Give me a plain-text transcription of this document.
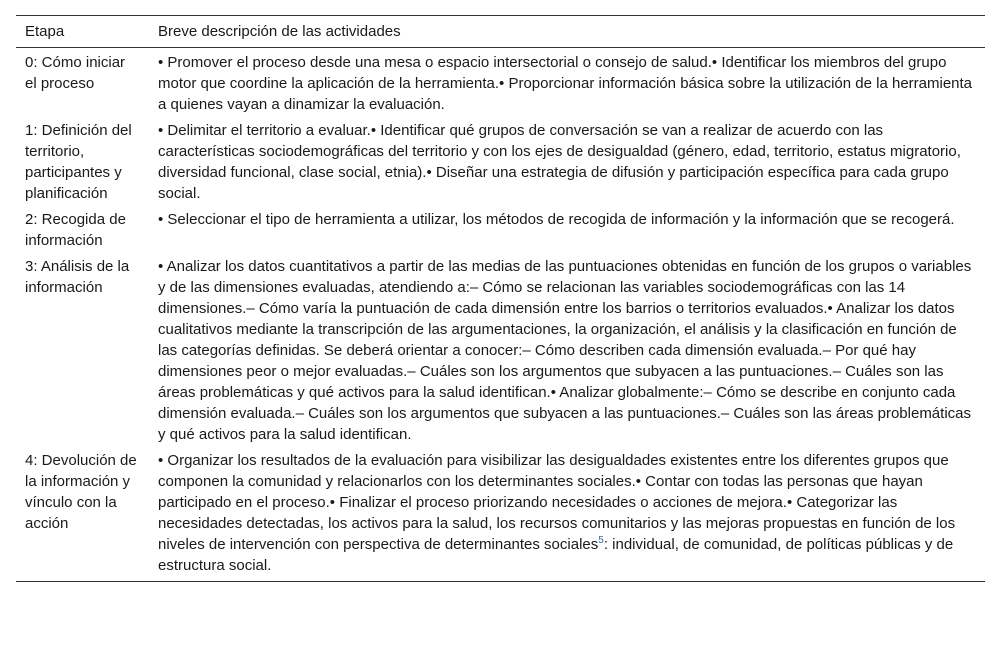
Etapa	Breve descripción de las actividades
0: Cómo iniciar el proceso	• Promover el proceso desde una mesa o espacio intersectorial o consejo de salud.• Identificar los miembros del grupo motor que coordine la aplicación de la herramienta.• Proporcionar información básica sobre la utilización de la herramienta a quienes vayan a dinamizar la evaluación.
1: Definición del territorio, participantes y planificación	• Delimitar el territorio a evaluar.• Identificar qué grupos de conversación se van a realizar de acuerdo con las características sociodemográficas del territorio y con los ejes de desigualdad (género, edad, territorio, estatus migratorio, diversidad funcional, clase social, etnia).• Diseñar una estrategia de difusión y participación específica para cada grupo social.
2: Recogida de información	• Seleccionar el tipo de herramienta a utilizar, los métodos de recogida de información y la información que se recogerá.
3: Análisis de la información	• Analizar los datos cuantitativos a partir de las medias de las puntuaciones obtenidas en función de los grupos o variables y de las dimensiones evaluadas, atendiendo a:– Cómo se relacionan las variables sociodemográficas con las 14 dimensiones.– Cómo varía la puntuación de cada dimensión entre los barrios o territorios evaluados.• Analizar los datos cualitativos mediante la transcripción de las argumentaciones, la organización, el análisis y la clasificación en función de las categorías definidas. Se deberá orientar a conocer:– Cómo describen cada dimensión evaluada.– Por qué hay dimensiones peor o mejor evaluadas.– Cuáles son los argumentos que subyacen a las puntuaciones.– Cuáles son las áreas problemáticas y qué activos para la salud identifican.• Analizar globalmente:– Cómo se describe en conjunto cada dimensión evaluada.– Cuáles son los argumentos que subyacen a las puntuaciones.– Cuáles son las áreas problemáticas y qué activos para la salud identifican.
4: Devolución de la información y vínculo con la acción	• Organizar los resultados de la evaluación para visibilizar las desigualdades existentes entre los diferentes grupos que componen la comunidad y relacionarlos con los determinantes sociales.• Contar con todas las personas que hayan participado en el proceso.• Finalizar el proceso priorizando necesidades o acciones de mejora.• Categorizar las necesidades detectadas, los activos para la salud, los recursos comunitarios y las mejoras propuestas en función de los niveles de intervención con perspectiva de determinantes sociales$^5$: individual, de comunidad, de políticas públicas y de estructura social.
